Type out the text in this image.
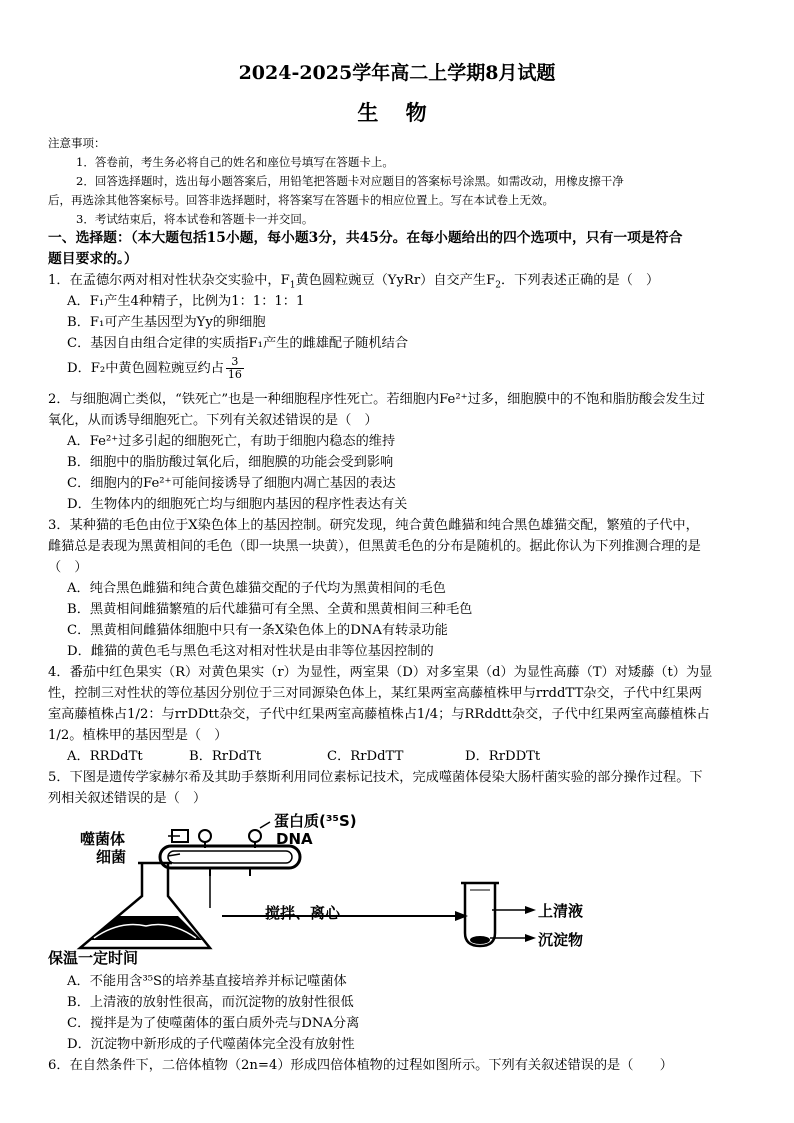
2024-2025学年高二上学期8月试题
生 物
注意事项：
1．答卷前，考生务必将自己的姓名和座位号填写在答题卡上。
2．回答选择题时，选出每小题答案后，用铅笔把答题卡对应题目的答案标号涂黑。如需改动，用橡皮擦干净
后，再选涂其他答案标号。回答非选择题时，将答案写在答题卡的相应位置上。写在本试卷上无效。
3．考试结束后，将本试卷和答题卡一并交回。
一、选择题：（本大题包括15小题，每小题3分，共45分。在每小题给出的四个选项中，只有一项是符合
题目要求的。）
1．在孟德尔两对相对性状杂交实验中，$F_1$黄色圆粒豌豆（YyRr）自交产生$F_2$．下列表述正确的是（　）
A．F₁产生4种精子，比例为1：1：1：1
B．F₁可产生基因型为Yy的卵细胞
C．基因自由组合定律的实质指F₁产生的雌雄配子随机结合
D．F₂中黄色圆粒豌豆约占 $\frac{3}{16}$
2．与细胞凋亡类似，“铁死亡”也是一种细胞程序性死亡。若细胞内Fe²⁺过多，细胞膜中的不饱和脂肪酸会发生过
氧化，从而诱导细胞死亡。下列有关叙述错误的是（　）
A．Fe²⁺过多引起的细胞死亡，有助于细胞内稳态的维持
B．细胞中的脂肪酸过氧化后，细胞膜的功能会受到影响
C．细胞内的Fe²⁺可能间接诱导了细胞内凋亡基因的表达
D．生物体内的细胞死亡均与细胞内基因的程序性表达有关
3．某种猫的毛色由位于X染色体上的基因控制。研究发现，纯合黄色雌猫和纯合黑色雄猫交配，繁殖的子代中，
雌猫总是表现为黑黄相间的毛色（即一块黑一块黄），但黑黄毛色的分布是随机的。据此你认为下列推测合理的是
（　）
A．纯合黑色雌猫和纯合黄色雄猫交配的子代均为黑黄相间的毛色
B．黑黄相间雌猫繁殖的后代雄猫可有全黑、全黄和黑黄相间三种毛色
C．黑黄相间雌猫体细胞中只有一条X染色体上的DNA有转录功能
D．雌猫的黄色毛与黑色毛这对相对性状是由非等位基因控制的
4．番茄中红色果实（R）对黄色果实（r）为显性，两室果（D）对多室果（d）为显性高藤（T）对矮藤（t）为显
性，控制三对性状的等位基因分别位于三对同源染色体上，某红果两室高藤植株甲与rrddTT杂交，子代中红果两
室高藤植株占1/2：与rrDDtt杂交，子代中红果两室高藤植株占1/4；与RRddtt杂交，子代中红果两室高藤植株占
1/2。植株甲的基因型是（　）
A．RRDdTt	B．RrDdTt	C．RrDdTT	D．RrDDTt
5．下图是遗传学家赫尔希及其助手蔡斯利用同位素标记技术，完成噬菌体侵染大肠杆菌实验的部分操作过程。下
列相关叙述错误的是（　）
蛋白质(³⁵S)
噬菌体	DNA
细菌
搅拌、离心	上清液
沉淀物
保温一定时间
A．不能用含³⁵S的培养基直接培养并标记噬菌体
B．上清液的放射性很高，而沉淀物的放射性很低
C．搅拌是为了使噬菌体的蛋白质外壳与DNA分离
D．沉淀物中新形成的子代噬菌体完全没有放射性
6．在自然条件下，二倍体植物（2n=4）形成四倍体植物的过程如图所示。下列有关叙述错误的是（　　）
